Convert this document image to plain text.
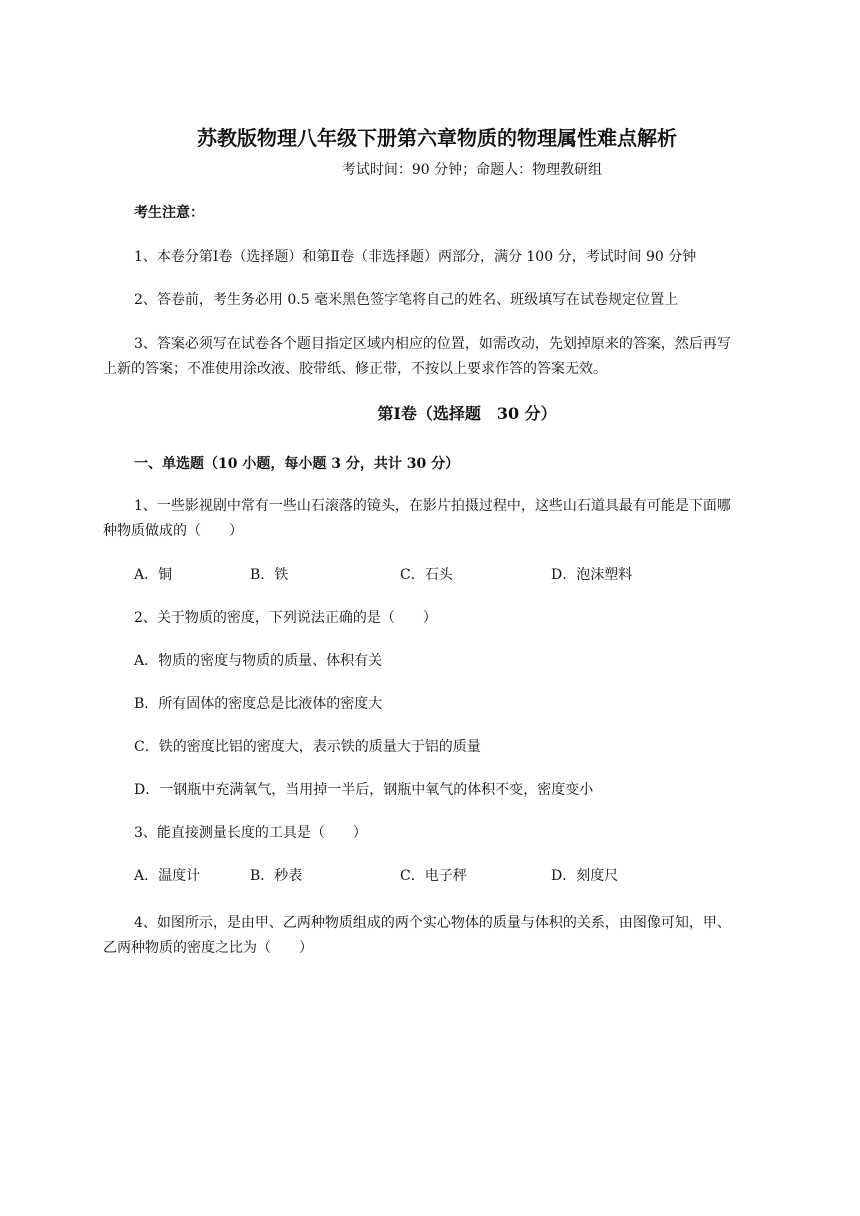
苏教版物理八年级下册第六章物质的物理属性难点解析

考试时间：90 分钟；命题人：物理教研组

考生注意：

1、本卷分第Ⅰ卷（选择题）和第Ⅱ卷（非选择题）两部分，满分 100 分，考试时间 90 分钟

2、答卷前，考生务必用 0.5 毫米黑色签字笔将自己的姓名、班级填写在试卷规定位置上

3、答案必须写在试卷各个题目指定区域内相应的位置，如需改动，先划掉原来的答案，然后再写

上新的答案；不准使用涂改液、胶带纸、修正带，不按以上要求作答的答案无效。

第Ⅰ卷（选择题　30 分）

一、单选题（10 小题，每小题 3 分，共计 30 分）

1、一些影视剧中常有一些山石滚落的镜头，在影片拍摄过程中，这些山石道具最有可能是下面哪

种物质做成的（　　）

A．铜	B．铁	C．石头	D．泡沫塑料

2、关于物质的密度，下列说法正确的是（　　）

A．物质的密度与物质的质量、体积有关

B．所有固体的密度总是比液体的密度大

C．铁的密度比铝的密度大，表示铁的质量大于铝的质量

D．一钢瓶中充满氧气，当用掉一半后，钢瓶中氧气的体积不变，密度变小

3、能直接测量长度的工具是（　　）

A．温度计	B．秒表	C．电子秤	D．刻度尺

4、如图所示，是由甲、乙两种物质组成的两个实心物体的质量与体积的关系，由图像可知，甲、

乙两种物质的密度之比为（　　）
